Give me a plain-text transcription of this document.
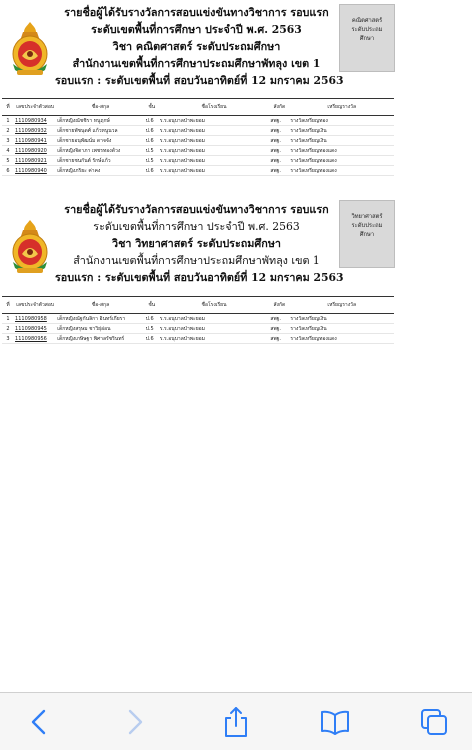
รายชื่อผู้ได้รับรางวัลการสอบแข่งขันทางวิชาการ รอบแรก
ระดับเขตพื้นที่การศึกษา ประจำปี พ.ศ. 2563
วิชา คณิตศาสตร์ ระดับประถมศึกษา
สำนักงานเขตพื้นที่การศึกษาประถมศึกษาพัทลุง เขต 1
รอบแรก : ระดับเขตพื้นที่ สอบวันอาทิตย์ที่ 12 มกราคม 2563
คณิตศาสตร์
ระดับประถม
ศึกษา
ที่	เลขประจำตัวสอบ	ชื่อ-สกุล	ชั้น	ชื่อโรงเรียน	สังกัด	เหรียญรางวัล
1	1110980934	เด็กหญิงณัชชิรา หนูฤกษ์	ป.6	ร.ร.อนุบาลป่าพะยอม	สพฐ.	รางวัลเหรียญทอง
2	1110980932	เด็กชายพัชนุดศ์ แก้วหนูนวล	ป.6	ร.ร.อนุบาลป่าพะยอม	สพฐ.	รางวัลเหรียญเงิน
3	1110980941	เด็กชายอนุพัฒน์ม ดาจจัง	ป.6	ร.ร.อนุบาลป่าพะยอม	สพฐ.	รางวัลเหรียญเงิน
4	1110980920	เด็กหญิงจิดาภา เพชรทองด้วง	ป.5	ร.ร.อนุบาลป่าพะยอม	สพฐ.	รางวัลเหรียญทองแดง
5	1110980921	เด็กชายชนกันต์ รักษ์แก้ว	ป.5	ร.ร.อนุบาลป่าพะยอม	สพฐ.	รางวัลเหรียญทองแดง
6	1110980940	เด็กหญิงภริยะ ค่าคง	ป.6	ร.ร.อนุบาลป่าพะยอม	สพฐ.	รางวัลเหรียญทองแดง
รายชื่อผู้ได้รับรางวัลการสอบแข่งขันทางวิชาการ รอบแรก
ระดับเขตพื้นที่การศึกษา ประจำปี พ.ศ. 2563
วิชา วิทยาศาสตร์ ระดับประถมศึกษา
สำนักงานเขตพื้นที่การศึกษาประถมศึกษาพัทลุง เขต 1
รอบแรก : ระดับเขตพื้นที่ สอบวันอาทิตย์ที่ 12 มกราคม 2563
วิทยาศาสตร์
ระดับประถม
ศึกษา
ที่	เลขประจำตัวสอบ	ชื่อ-สกุล	ชั้น	ชื่อโรงเรียน	สังกัด	เหรียญรางวัล
1	1110980958	เด็กหญิงณัฐกันลิกา อินทร์เกียรา	ป.6	ร.ร.อนุบาลป่าพะยอม	สพฐ.	รางวัลเหรียญเงิน
2	1110980945	เด็กหญิงสรุษม ชาวิยุ่อ่อน	ป.5	ร.ร.อนุบาลป่าพะยอม	สพฐ.	รางวัลเหรียญเงิน
3	1110980956	เด็กหญิงเกษิษฐา พิศาลรัชรินทร์	ป.6	ร.ร.อนุบาลป่าพะยอม	สพฐ.	รางวัลเหรียญทองแดง
